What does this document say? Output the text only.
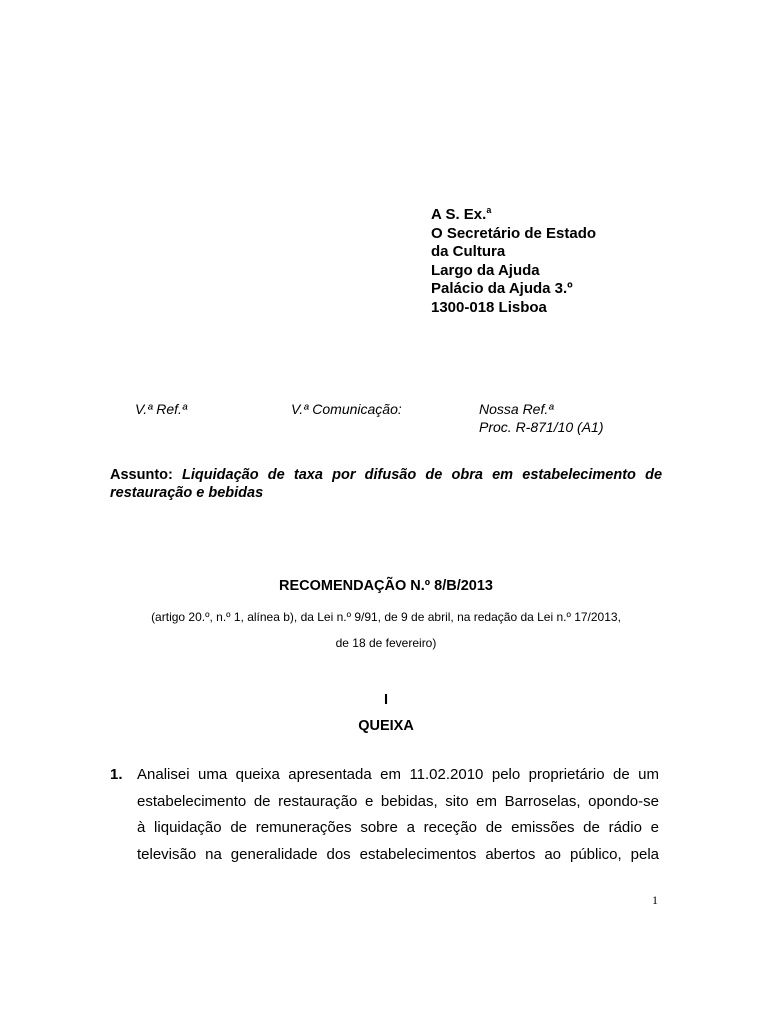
A S. Ex.$^a$
O Secretário de Estado
da Cultura
Largo da Ajuda
Palácio da Ajuda 3.º
1300-018 Lisboa
V.ª Ref.ª	V.ª Comunicação:	Nossa Ref.ª
Proc. R-871/10 (A1)
Assunto: Liquidação de taxa por difusão de obra em estabelecimento de restauração e bebidas
RECOMENDAÇÃO N.º 8/B/2013
(artigo 20.º, n.º 1, alínea b), da Lei n.º 9/91, de 9 de abril, na redação da Lei n.º 17/2013,
de 18 de fevereiro)
I
QUEIXA
1. Analisei uma queixa apresentada em 11.02.2010 pelo proprietário de um
estabelecimento de restauração e bebidas, sito em Barroselas, opondo-se
à liquidação de remunerações sobre a receção de emissões de rádio e
televisão na generalidade dos estabelecimentos abertos ao público, pela
1
